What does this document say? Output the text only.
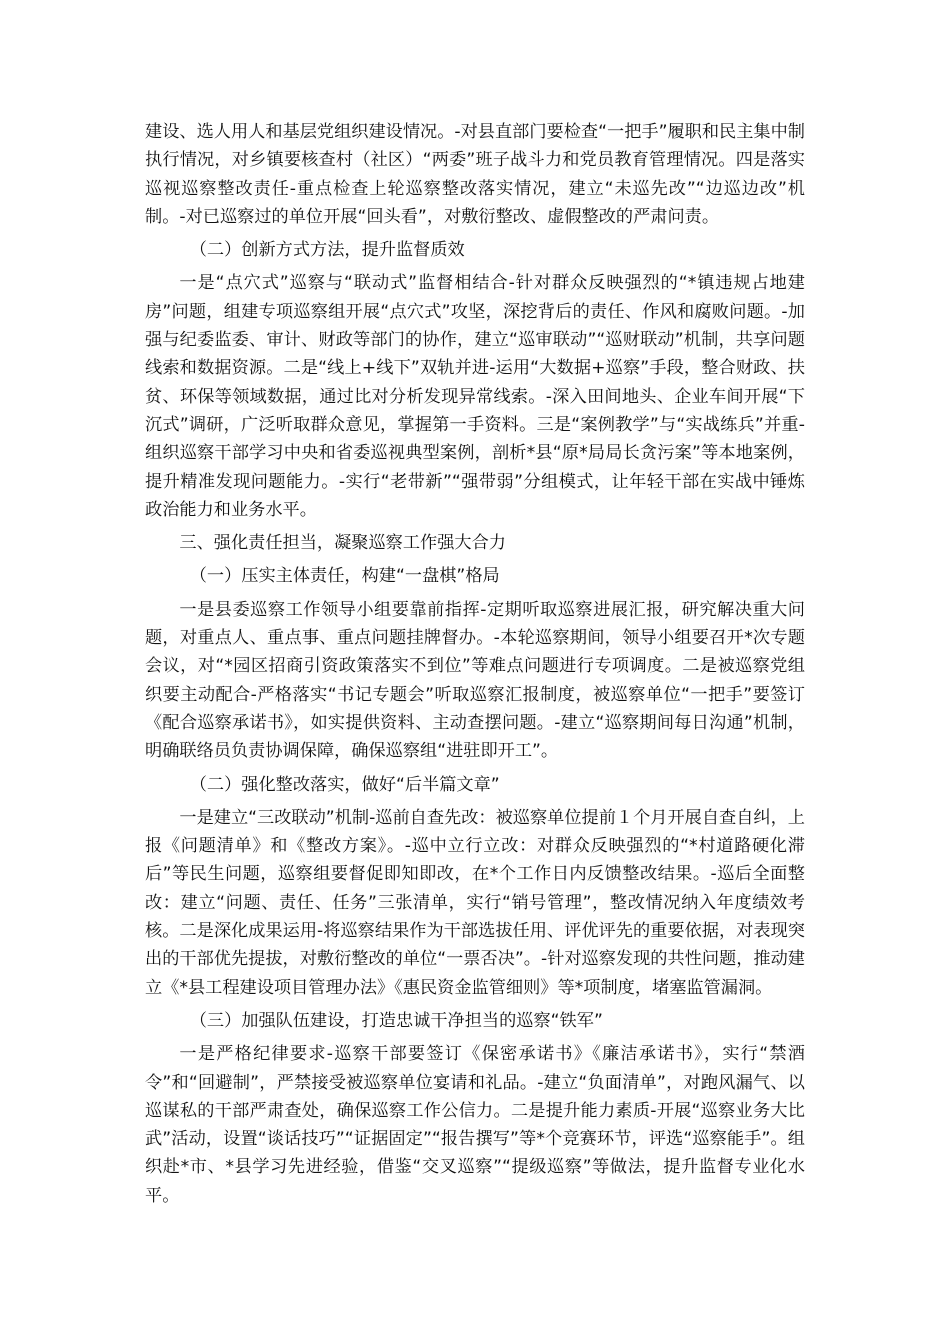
建设、选人用人和基层党组织建设情况。-对县直部门要检查“一把手”履职和民主集中制执行情况，对乡镇要核查村（社区）“两委”班子战斗力和党员教育管理情况。四是落实巡视巡察整改责任-重点检查上轮巡察整改落实情况，建立“未巡先改”“边巡边改”机制。-对已巡察过的单位开展“回头看”，对敷衍整改、虚假整改的严肃问责。

（二）创新方式方法，提升监督质效

一是“点穴式”巡察与“联动式”监督相结合-针对群众反映强烈的“*镇违规占地建房”问题，组建专项巡察组开展“点穴式”攻坚，深挖背后的责任、作风和腐败问题。-加强与纪委监委、审计、财政等部门的协作，建立“巡审联动”“巡财联动”机制，共享问题线索和数据资源。二是“线上+线下”双轨并进-运用“大数据+巡察”手段，整合财政、扶贫、环保等领域数据，通过比对分析发现异常线索。-深入田间地头、企业车间开展“下沉式”调研，广泛听取群众意见，掌握第一手资料。三是“案例教学”与“实战练兵”并重-组织巡察干部学习中央和省委巡视典型案例，剖析*县“原*局局长贪污案”等本地案例，提升精准发现问题能力。-实行“老带新”“强带弱”分组模式，让年轻干部在实战中锤炼政治能力和业务水平。

三、强化责任担当，凝聚巡察工作强大合力

（一）压实主体责任，构建“一盘棋”格局

一是县委巡察工作领导小组要靠前指挥-定期听取巡察进展汇报，研究解决重大问题，对重点人、重点事、重点问题挂牌督办。-本轮巡察期间，领导小组要召开*次专题会议，对“*园区招商引资政策落实不到位”等难点问题进行专项调度。二是被巡察党组织要主动配合-严格落实“书记专题会”听取巡察汇报制度，被巡察单位“一把手”要签订《配合巡察承诺书》，如实提供资料、主动查摆问题。-建立“巡察期间每日沟通”机制，明确联络员负责协调保障，确保巡察组“进驻即开工”。

（二）强化整改落实，做好“后半篇文章”

一是建立“三改联动”机制-巡前自查先改：被巡察单位提前１个月开展自查自纠，上报《问题清单》和《整改方案》。-巡中立行立改：对群众反映强烈的“*村道路硬化滞后”等民生问题，巡察组要督促即知即改，在*个工作日内反馈整改结果。-巡后全面整改：建立“问题、责任、任务”三张清单，实行“销号管理”，整改情况纳入年度绩效考核。二是深化成果运用-将巡察结果作为干部选拔任用、评优评先的重要依据，对表现突出的干部优先提拔，对敷衍整改的单位“一票否决”。-针对巡察发现的共性问题，推动建立《*县工程建设项目管理办法》《惠民资金监管细则》等*项制度，堵塞监管漏洞。

（三）加强队伍建设，打造忠诚干净担当的巡察“铁军”

一是严格纪律要求-巡察干部要签订《保密承诺书》《廉洁承诺书》，实行“禁酒令”和“回避制”，严禁接受被巡察单位宴请和礼品。-建立“负面清单”，对跑风漏气、以巡谋私的干部严肃查处，确保巡察工作公信力。二是提升能力素质-开展“巡察业务大比武”活动，设置“谈话技巧”“证据固定”“报告撰写”等*个竞赛环节，评选“巡察能手”。组织赴*市、*县学习先进经验，借鉴“交叉巡察”“提级巡察”等做法，提升监督专业化水平。
